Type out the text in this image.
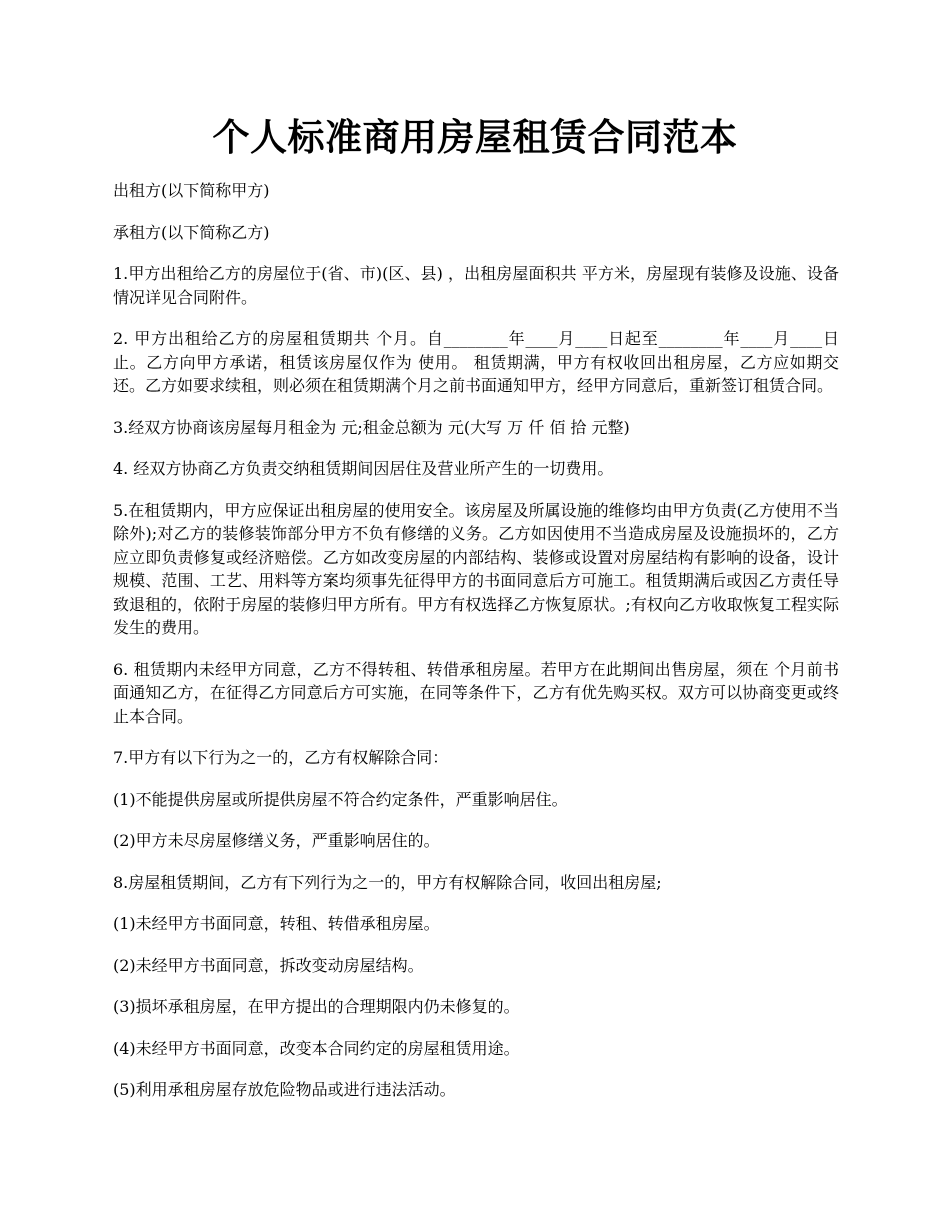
个人标准商用房屋租赁合同范本

出租方(以下简称甲方)

承租方(以下简称乙方)

1.甲方出租给乙方的房屋位于(省、市)(区、县) ，出租房屋面积共 平方米，房屋现有装修及设施、设备情况详见合同附件。

2. 甲方出租给乙方的房屋租赁期共 个月。自________年____月____日起至________年____月____日止。乙方向甲方承诺，租赁该房屋仅作为 使用。 租赁期满，甲方有权收回出租房屋，乙方应如期交还。乙方如要求续租，则必须在租赁期满个月之前书面通知甲方，经甲方同意后，重新签订租赁合同。

3.经双方协商该房屋每月租金为 元;租金总额为 元(大写 万 仟 佰 拾 元整)

4. 经双方协商乙方负责交纳租赁期间因居住及营业所产生的一切费用。

5.在租赁期内，甲方应保证出租房屋的使用安全。该房屋及所属设施的维修均由甲方负责(乙方使用不当除外);对乙方的装修装饰部分甲方不负有修缮的义务。乙方如因使用不当造成房屋及设施损坏的，乙方应立即负责修复或经济赔偿。乙方如改变房屋的内部结构、装修或设置对房屋结构有影响的设备，设计规模、范围、工艺、用料等方案均须事先征得甲方的书面同意后方可施工。租赁期满后或因乙方责任导致退租的，依附于房屋的装修归甲方所有。甲方有权选择乙方恢复原状。;有权向乙方收取恢复工程实际发生的费用。

6. 租赁期内未经甲方同意，乙方不得转租、转借承租房屋。若甲方在此期间出售房屋，须在 个月前书面通知乙方，在征得乙方同意后方可实施，在同等条件下，乙方有优先购买权。双方可以协商变更或终止本合同。

7.甲方有以下行为之一的，乙方有权解除合同：

(1)不能提供房屋或所提供房屋不符合约定条件，严重影响居住。

(2)甲方未尽房屋修缮义务，严重影响居住的。

8.房屋租赁期间，乙方有下列行为之一的，甲方有权解除合同，收回出租房屋;

(1)未经甲方书面同意，转租、转借承租房屋。

(2)未经甲方书面同意，拆改变动房屋结构。

(3)损坏承租房屋，在甲方提出的合理期限内仍未修复的。

(4)未经甲方书面同意，改变本合同约定的房屋租赁用途。

(5)利用承租房屋存放危险物品或进行违法活动。
